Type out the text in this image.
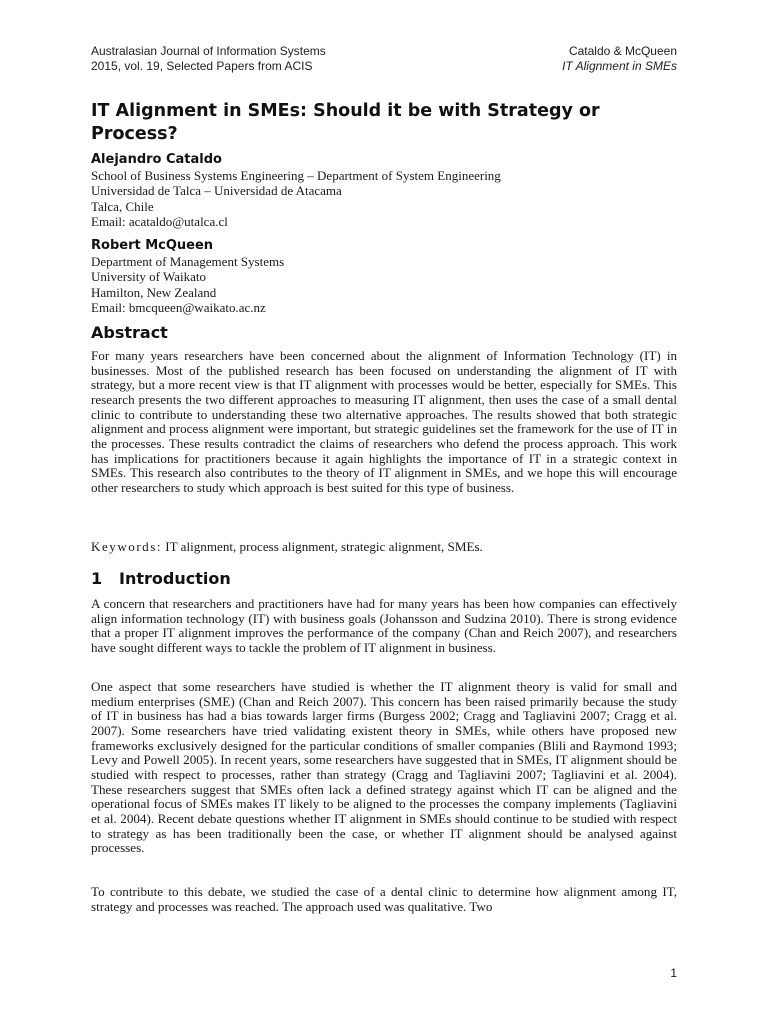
Australasian Journal of Information Systems
2015, vol. 19, Selected Papers from ACIS
Cataldo & McQueen
IT Alignment in SMEs
IT Alignment in SMEs: Should it be with Strategy or Process?
Alejandro Cataldo
School of Business Systems Engineering – Department of System Engineering
Universidad de Talca – Universidad de Atacama
Talca, Chile
Email: acataldo@utalca.cl
Robert McQueen
Department of Management Systems
University of Waikato
Hamilton, New Zealand
Email: bmcqueen@waikato.ac.nz
Abstract
For many years researchers have been concerned about the alignment of Information Technology (IT) in businesses. Most of the published research has been focused on understanding the alignment of IT with strategy, but a more recent view is that IT alignment with processes would be better, especially for SMEs. This research presents the two different approaches to measuring IT alignment, then uses the case of a small dental clinic to contribute to understanding these two alternative approaches. The results showed that both strategic alignment and process alignment were important, but strategic guidelines set the framework for the use of IT in the processes. These results contradict the claims of researchers who defend the process approach. This work has implications for practitioners because it again highlights the importance of IT in a strategic context in SMEs. This research also contributes to the theory of IT alignment in SMEs, and we hope this will encourage other researchers to study which approach is best suited for this type of business.
Keywords: IT alignment, process alignment, strategic alignment, SMEs.
1 Introduction
A concern that researchers and practitioners have had for many years has been how companies can effectively align information technology (IT) with business goals (Johansson and Sudzina 2010). There is strong evidence that a proper IT alignment improves the performance of the company (Chan and Reich 2007), and researchers have sought different ways to tackle the problem of IT alignment in business.
One aspect that some researchers have studied is whether the IT alignment theory is valid for small and medium enterprises (SME) (Chan and Reich 2007). This concern has been raised primarily because the study of IT in business has had a bias towards larger firms (Burgess 2002; Cragg and Tagliavini 2007; Cragg et al. 2007). Some researchers have tried validating existent theory in SMEs, while others have proposed new frameworks exclusively designed for the particular conditions of smaller companies (Blili and Raymond 1993; Levy and Powell 2005). In recent years, some researchers have suggested that in SMEs, IT alignment should be studied with respect to processes, rather than strategy (Cragg and Tagliavini 2007; Tagliavini et al. 2004). These researchers suggest that SMEs often lack a defined strategy against which IT can be aligned and the operational focus of SMEs makes IT likely to be aligned to the processes the company implements (Tagliavini et al. 2004). Recent debate questions whether IT alignment in SMEs should continue to be studied with respect to strategy as has been traditionally been the case, or whether IT alignment should be analysed against processes.
To contribute to this debate, we studied the case of a dental clinic to determine how alignment among IT, strategy and processes was reached. The approach used was qualitative. Two
1
